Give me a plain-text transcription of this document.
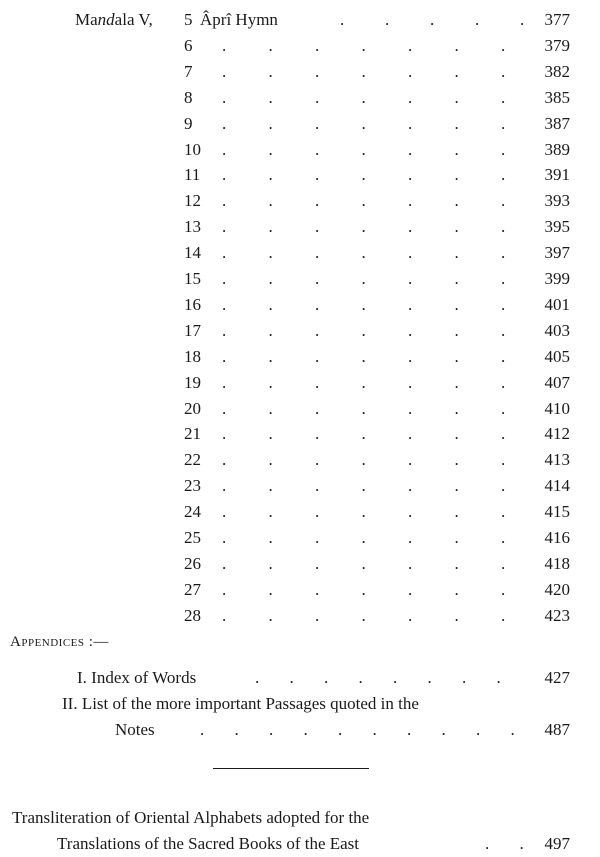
Mandala V, 5 Âprî Hymn	. . . . .	377
6	. . . . . . .	379
7	. . . . . . .	382
8	. . . . . . .	385
9	. . . . . . .	387
10	. . . . . . .	389
11	. . . . . . .	391
12	. . . . . . .	393
13	. . . . . . .	395
14	. . . . . . .	397
15	. . . . . . .	399
16	. . . . . . .	401
17	. . . . . . .	403
18	. . . . . . .	405
19	. . . . . . .	407
20	. . . . . . .	410
21	. . . . . . .	412
22	. . . . . . .	413
23	. . . . . . .	414
24	. . . . . . .	415
25	. . . . . . .	416
26	. . . . . . .	418
27	. . . . . . .	420
28	. . . . . . .	423
Appendices :—
I. Index of Words	. . . . . . . .	427
II. List of the more important Passages quoted in the
Notes	. . . . . . . . . .	487
Transliteration of Oriental Alphabets adopted for the
Translations of the Sacred Books of the East	. .	497
